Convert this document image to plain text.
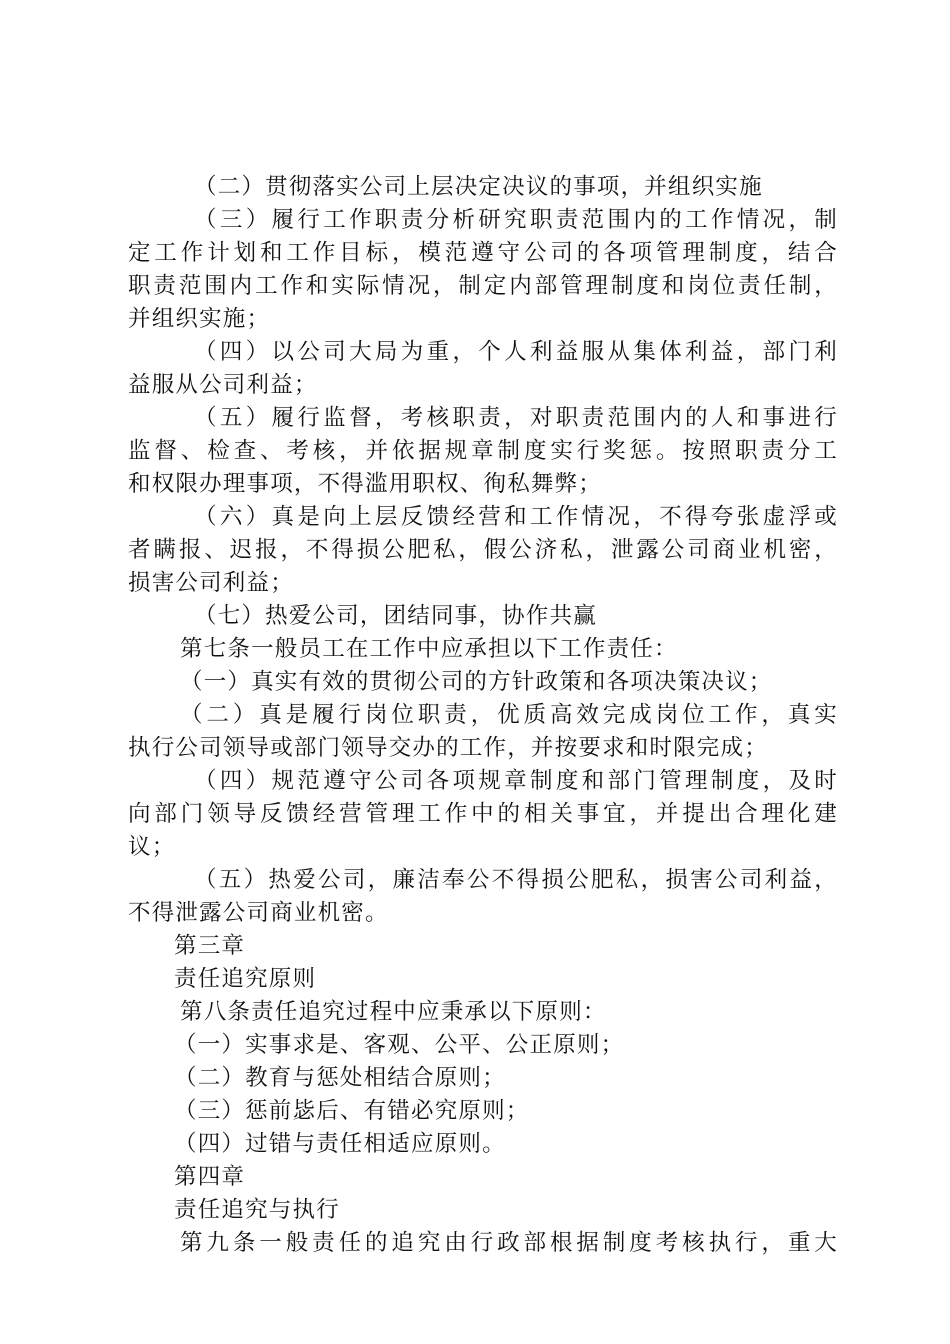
（二）贯彻落实公司上层决定决议的事项，并组织实施
（三）履行工作职责分析研究职责范围内的工作情况，制
定工作计划和工作目标，模范遵守公司的各项管理制度，结合
职责范围内工作和实际情况，制定内部管理制度和岗位责任制，
并组织实施；
（四）以公司大局为重，个人利益服从集体利益，部门利
益服从公司利益；
（五）履行监督，考核职责，对职责范围内的人和事进行
监督、检查、考核，并依据规章制度实行奖惩。按照职责分工
和权限办理事项，不得滥用职权、徇私舞弊；
（六）真是向上层反馈经营和工作情况，不得夸张虚浮或
者瞒报、迟报，不得损公肥私，假公济私，泄露公司商业机密，
损害公司利益；
（七）热爱公司，团结同事，协作共赢
第七条一般员工在工作中应承担以下工作责任：
（一）真实有效的贯彻公司的方针政策和各项决策决议；
（二）真是履行岗位职责，优质高效完成岗位工作，真实
执行公司领导或部门领导交办的工作，并按要求和时限完成；
（四）规范遵守公司各项规章制度和部门管理制度，及时
向部门领导反馈经营管理工作中的相关事宜，并提出合理化建
议；
（五）热爱公司，廉洁奉公不得损公肥私，损害公司利益，
不得泄露公司商业机密。
第三章
责任追究原则
第八条责任追究过程中应秉承以下原则：
（一）实事求是、客观、公平、公正原则；
（二）教育与惩处相结合原则；
（三）惩前毖后、有错必究原则；
（四）过错与责任相适应原则。
第四章
责任追究与执行
第九条一般责任的追究由行政部根据制度考核执行，重大
